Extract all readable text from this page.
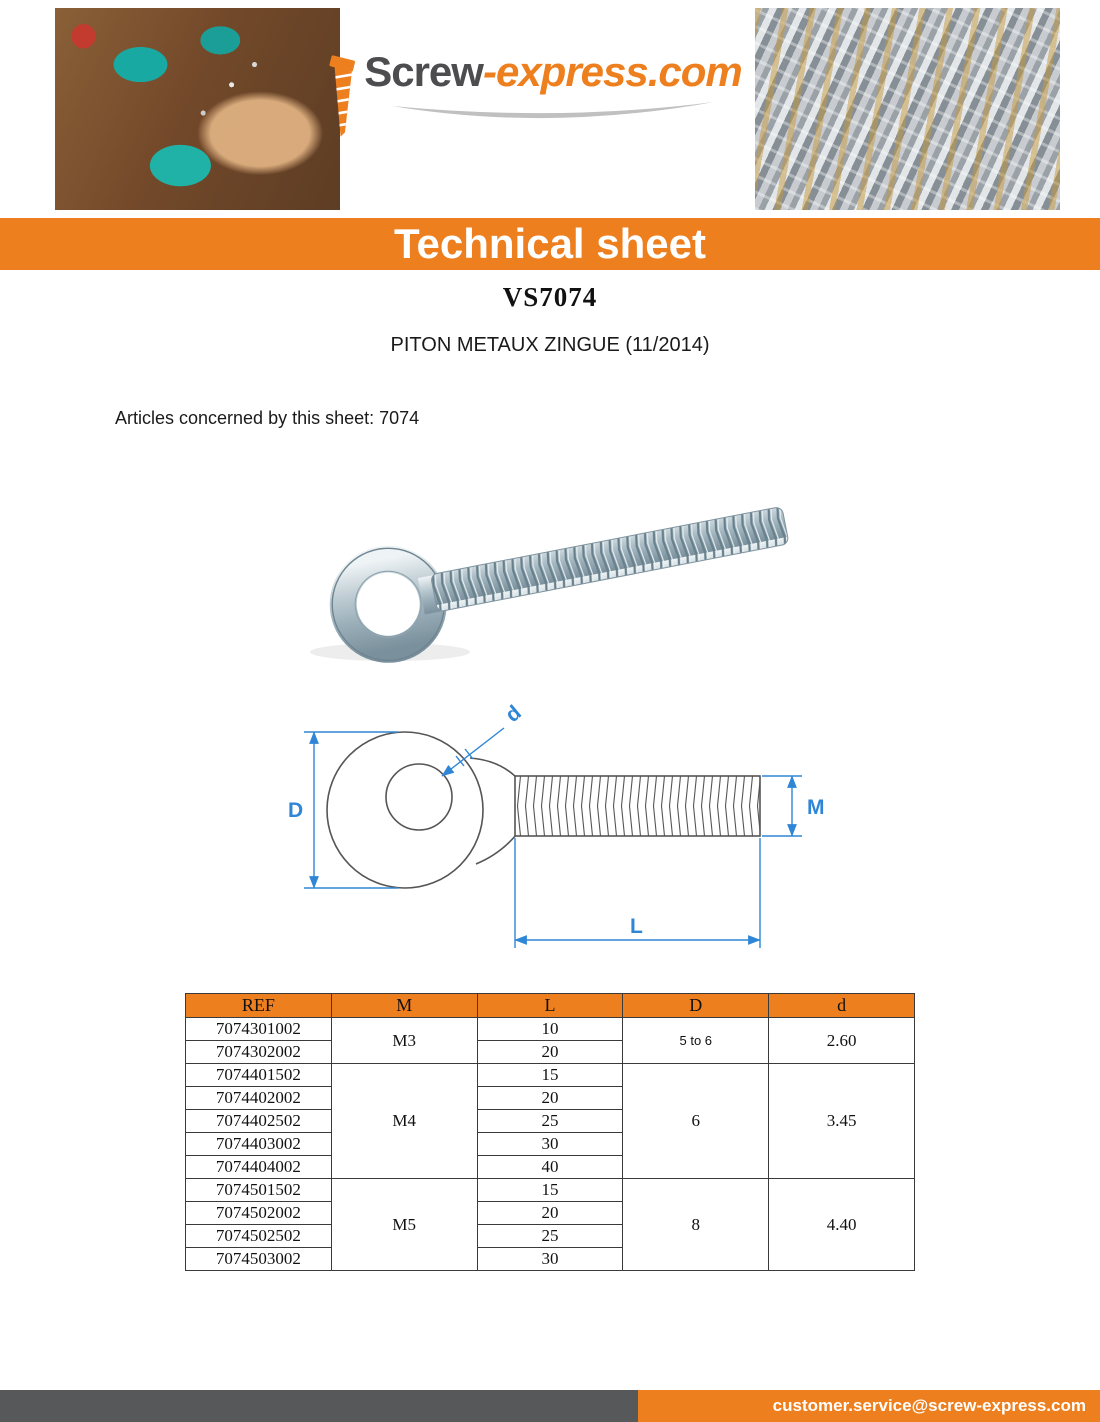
Screw-express.com
Technical sheet
VS7074
PITON METAUX ZINGUE (11/2014)
Articles concerned by this sheet: 7074
D
d
M
L
REF	M	L	D	d
7074301002	M3	10	5 to 6	2.60
7074302002		20		
7074401502	M4	15	6	3.45
7074402002		20		
7074402502		25		
7074403002		30		
7074404002		40		
7074501502	M5	15	8	4.40
7074502002		20		
7074502502		25		
7074503002		30		
customer.service@screw-express.com
